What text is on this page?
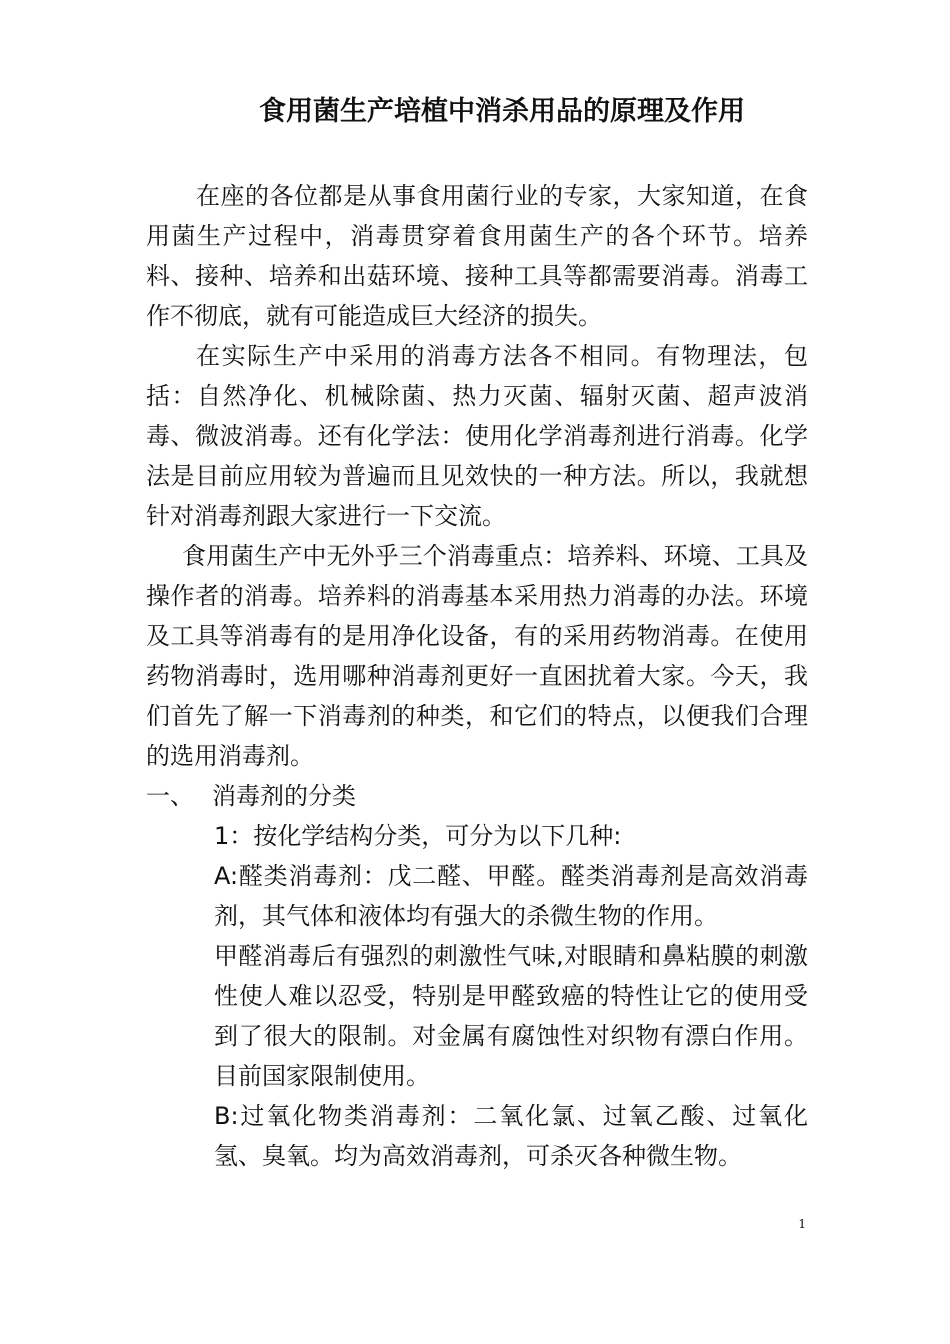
食用菌生产培植中消杀用品的原理及作用
在座的各位都是从事食用菌行业的专家，大家知道，在食用菌生产过程中，消毒贯穿着食用菌生产的各个环节。培养料、接种、培养和出菇环境、接种工具等都需要消毒。消毒工作不彻底，就有可能造成巨大经济的损失。
在实际生产中采用的消毒方法各不相同。有物理法，包括：自然净化、机械除菌、热力灭菌、辐射灭菌、超声波消毒、微波消毒。还有化学法：使用化学消毒剂进行消毒。化学法是目前应用较为普遍而且见效快的一种方法。所以，我就想针对消毒剂跟大家进行一下交流。
食用菌生产中无外乎三个消毒重点：培养料、环境、工具及操作者的消毒。培养料的消毒基本采用热力消毒的办法。环境及工具等消毒有的是用净化设备，有的采用药物消毒。在使用药物消毒时，选用哪种消毒剂更好一直困扰着大家。今天，我们首先了解一下消毒剂的种类，和它们的特点，以便我们合理的选用消毒剂。
一、 消毒剂的分类
1：按化学结构分类，可分为以下几种:
A:醛类消毒剂：戊二醛、甲醛。醛类消毒剂是高效消毒剂，其气体和液体均有强大的杀微生物的作用。
甲醛消毒后有强烈的刺激性气味,对眼睛和鼻粘膜的刺激性使人难以忍受，特别是甲醛致癌的特性让它的使用受到了很大的限制。对金属有腐蚀性对织物有漂白作用。目前国家限制使用。
B:过氧化物类消毒剂：二氧化氯、过氧乙酸、过氧化氢、臭氧。均为高效消毒剂，可杀灭各种微生物。
1
